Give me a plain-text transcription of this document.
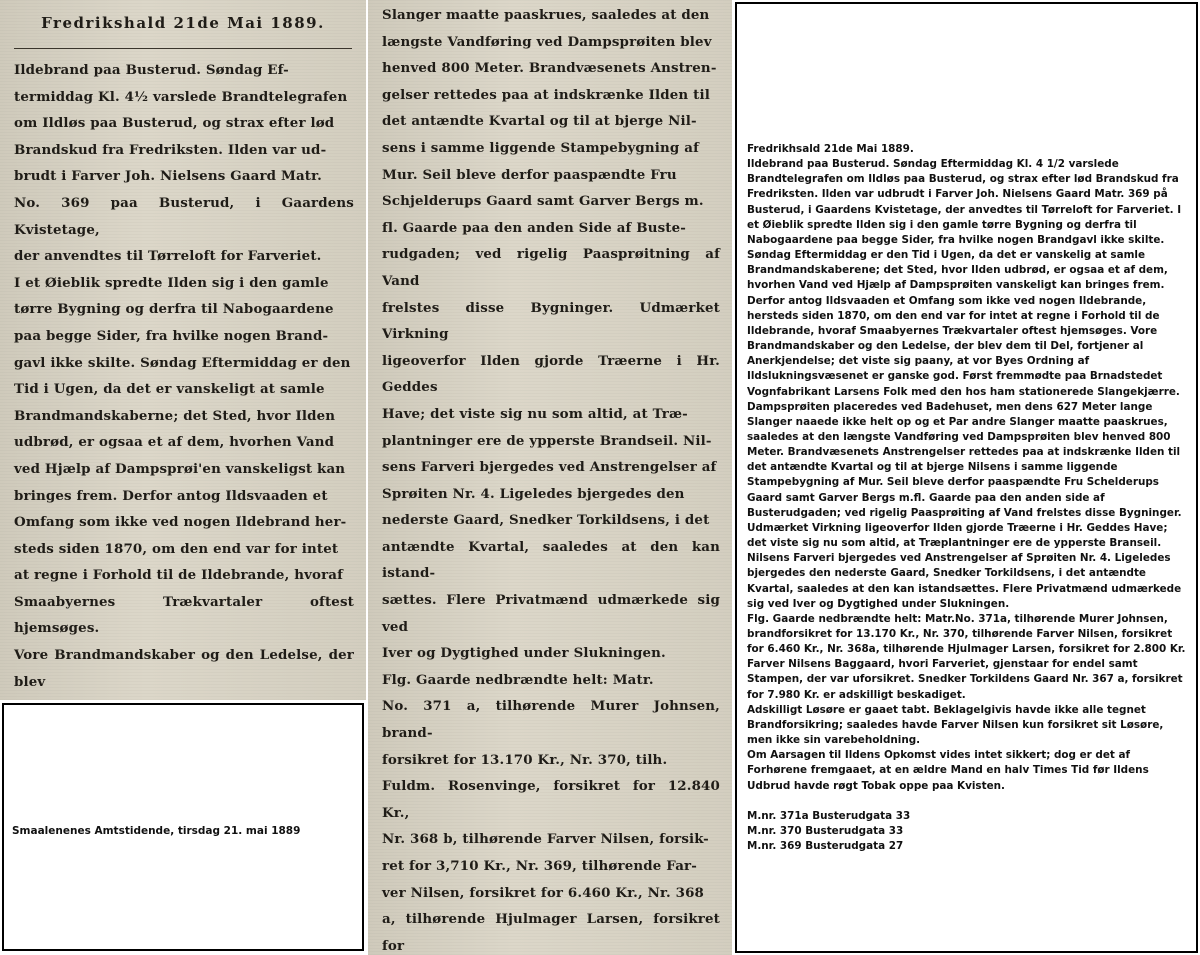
Fredrikshald 21de Mai 1889.
Ildebrand paa Busterud. Søndag Ef-
termiddag Kl. 4½ varslede Brandtelegrafen
om Ildløs paa Busterud, og strax efter lød
Brandskud fra Fredriksten. Ilden var ud-
brudt i Farver Joh. Nielsens Gaard Matr.
No. 369 paa Busterud, i Gaardens Kvistetage,
der anvendtes til Tørreloft for Farveriet.
I et Øieblik spredte Ilden sig i den gamle
tørre Bygning og derfra til Nabogaardene
paa begge Sider, fra hvilke nogen Brand-
gavl ikke skilte. Søndag Eftermiddag er den
Tid i Ugen, da det er vanskeligt at samle
Brandmandskaberne; det Sted, hvor Ilden
udbrød, er ogsaa et af dem, hvorhen Vand
ved Hjælp af Dampsprøi'en vanskeligst kan
bringes frem. Derfor antog Ildsvaaden et
Omfang som ikke ved nogen Ildebrand her-
steds siden 1870, om den end var for intet
at regne i Forhold til de Ildebrande, hvoraf
Smaabyernes Trækvartaler oftest hjemsøges.
Vore Brandmandskaber og den Ledelse, der blev

Slanger maatte paaskrues, saaledes at den
længste Vandføring ved Dampsprøiten blev
henved 800 Meter. Brandvæsenets Anstren-
gelser rettedes paa at indskrænke Ilden til
det antændte Kvartal og til at bjerge Nil-
sens i samme liggende Stampebygning af
Mur. Seil bleve derfor paaspændte Fru
Schjelderups Gaard samt Garver Bergs m.
fl. Gaarde paa den anden Side af Buste-
rudgaden; ved rigelig Paasprøitning af Vand
frelstes disse Bygninger. Udmærket Virkning
ligeoverfor Ilden gjorde Træerne i Hr. Geddes
Have; det viste sig nu som altid, at Træ-
plantninger ere de ypperste Brandseil. Nil-
sens Farveri bjergedes ved Anstrengelser af
Sprøiten Nr. 4. Ligeledes bjergedes den
nederste Gaard, Snedker Torkildsens, i det
antændte Kvartal, saaledes at den kan istand-
sættes. Flere Privatmænd udmærkede sig ved
Iver og Dygtighed under Slukningen.
Flg. Gaarde nedbrændte helt: Matr.
No. 371 a, tilhørende Murer Johnsen, brand-
forsikret for 13.170 Kr., Nr. 370, tilh.
Fuldm. Rosenvinge, forsikret for 12.840 Kr.,
Nr. 368 b, tilhørende Farver Nilsen, forsik-
ret for 3,710 Kr., Nr. 369, tilhørende Far-
ver Nilsen, forsikret for 6.460 Kr., Nr. 368
a, tilhørende Hjulmager Larsen, forsikret for

Smaalenenes Amtstidende, tirsdag 21. mai 1889

Fredrikhsald 21de Mai 1889.

Ildebrand paa Busterud. Søndag Eftermiddag Kl. 4 1/2 varslede Brandtelegrafen om Ildløs paa Busterud, og strax efter lød Brandskud fra Fredriksten. Ilden var udbrudt i Farver Joh. Nielsens Gaard Matr. 369 på Busterud, i Gaardens Kvistetage, der anvedtes til Tørreloft for Farveriet. I et Øieblik spredte Ilden sig i den gamle tørre Bygning og derfra til Nabogaardene paa begge Sider, fra hvilke nogen Brandgavl ikke skilte. Søndag Eftermiddag er den Tid i Ugen, da det er vanskelig at samle Brandmandskaberene; det Sted, hvor Ilden udbrød, er ogsaa et af dem, hvorhen Vand ved Hjælp af Dampsprøiten vanskeligt kan bringes frem. Derfor antog Ildsvaaden et Omfang som ikke ved nogen Ildebrande, hersteds siden 1870, om den end var for intet at regne i Forhold til de Ildebrande, hvoraf Smaabyernes Trækvartaler oftest hjemsøges. Vore Brandmandskaber og den Ledelse, der blev dem til Del, fortjener al Anerkjendelse; det viste sig paany, at vor Byes Ordning af Ildslukningsvæsenet er ganske god. Først fremmødte paa Brnadstedet Vognfabrikant Larsens Folk med den hos ham stationerede Slangekjærre. Dampsprøiten placeredes ved Badehuset, men dens 627 Meter lange Slanger naaede ikke helt op og et Par andre Slanger maatte paaskrues, saaledes at den længste Vandføring ved Dampsprøiten blev henved 800 Meter. Brandvæsenets Anstrengelser rettedes paa at indskrænke Ilden til det antændte Kvartal og til at bjerge Nilsens i samme liggende Stampebygning af Mur. Seil bleve derfor paaspændte Fru Schelderups Gaard samt Garver Bergs m.fl. Gaarde paa den anden side af Busterudgaden; ved rigelig Paasprøiting af Vand frelstes disse Bygninger. Udmærket Virkning ligeoverfor Ilden gjorde Træerne i Hr. Geddes Have; det viste sig nu som altid, at Træplantninger ere de ypperste Branseil. Nilsens Farveri bjergedes ved Anstrengelser af Sprøiten Nr. 4. Ligeledes bjergedes den nederste Gaard, Snedker Torkildsens, i det antændte Kvartal, saaledes at den kan istandsættes. Flere Privatmænd udmærkede sig ved Iver og Dygtighed under Slukningen.

Flg. Gaarde nedbrændte helt: Matr.No. 371a, tilhørende Murer Johnsen, brandforsikret for 13.170 Kr., Nr. 370, tilhørende Farver Nilsen, forsikret for 6.460 Kr., Nr. 368a, tilhørende Hjulmager Larsen, forsikret for 2.800 Kr. Farver Nilsens Baggaard, hvori Farveriet, gjenstaar for endel samt Stampen, der var uforsikret. Snedker Torkildens Gaard Nr. 367 a, forsikret for 7.980 Kr. er adskilligt beskadiget.

Adskilligt Løsøre er gaaet tabt. Beklagelgivis havde ikke alle tegnet Brandforsikring; saaledes havde Farver Nilsen kun forsikret sit Løsøre, men ikke sin varebeholdning.

Om Aarsagen til Ildens Opkomst vides intet sikkert; dog er det af Forhørene fremgaaet, at en ældre Mand en halv Times Tid før Ildens Udbrud havde røgt Tobak oppe paa Kvisten.

M.nr. 371a Busterudgata 33

M.nr. 370 Busterudgata 33

M.nr. 369 Busterudgata 27
